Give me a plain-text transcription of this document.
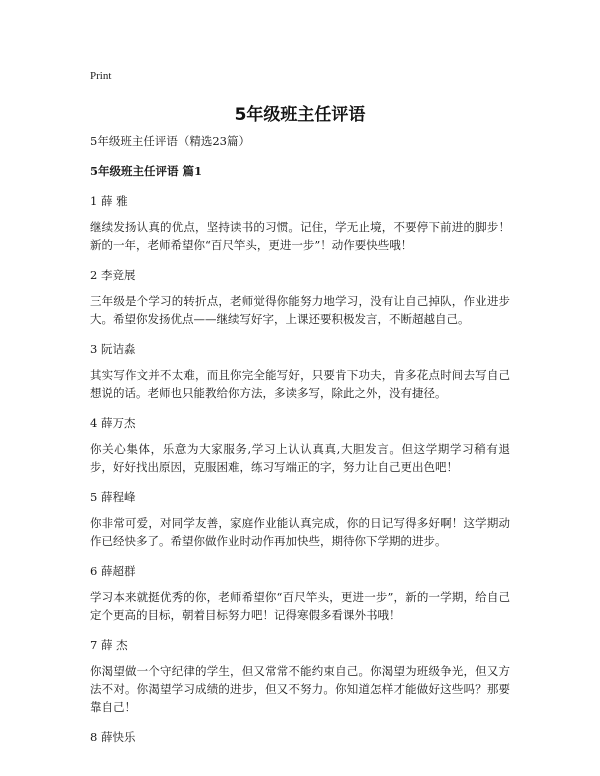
Print
5年级班主任评语

5年级班主任评语（精选23篇）

5年级班主任评语 篇1

1 薛 雅

继续发扬认真的优点，坚持读书的习惯。记住，学无止境，不要停下前进的脚步！新的一年，老师希望你“百尺竿头，更进一步”！动作要快些哦！

2 李竞展

三年级是个学习的转折点，老师觉得你能努力地学习，没有让自己掉队，作业进步大。希望你发扬优点——继续写好字，上课还要积极发言，不断超越自己。

3 阮诘淼

其实写作文并不太难，而且你完全能写好，只要肯下功夫，肯多花点时间去写自己想说的话。老师也只能教给你方法，多读多写，除此之外，没有捷径。

4 薛万杰

你关心集体，乐意为大家服务,学习上认认真真,大胆发言。但这学期学习稍有退步，好好找出原因，克服困难，练习写端正的字，努力让自己更出色吧！

5 薛程峰

你非常可爱，对同学友善，家庭作业能认真完成，你的日记写得多好啊！这学期动作已经快多了。希望你做作业时动作再加快些，期待你下学期的进步。

6 薛超群

学习本来就挺优秀的你，老师希望你“百尺竿头，更进一步”，新的一学期，给自己定个更高的目标，朝着目标努力吧！记得寒假多看课外书哦！

7 薛 杰

你渴望做一个守纪律的学生，但又常常不能约束自己。你渴望为班级争光，但又方法不对。你渴望学习成绩的进步，但又不努力。你知道怎样才能做好这些吗？那要靠自己！

8 薛快乐
